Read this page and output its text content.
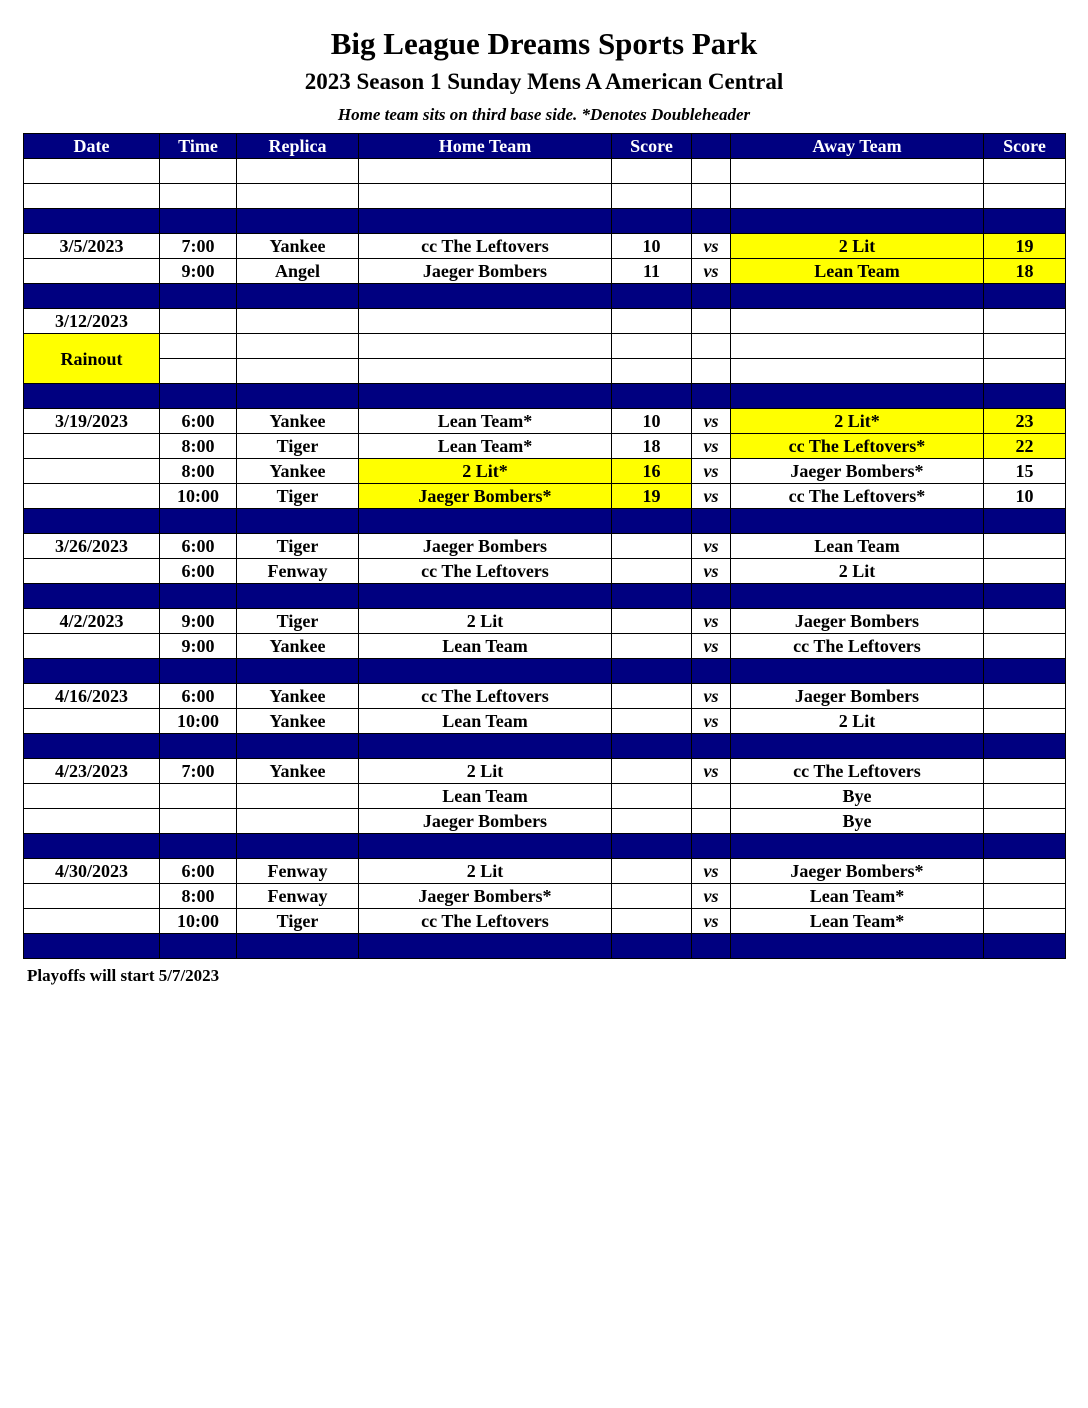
Big League Dreams Sports Park
2023 Season 1 Sunday Mens A American Central
Home team sits on third base side. *Denotes Doubleheader
Date	Time	Replica	Home Team	Score		Away Team	Score

3/5/2023	7:00	Yankee	cc The Leftovers	10	vs	2 Lit	19
	9:00	Angel	Jaeger Bombers	11	vs	Lean Team	18

3/12/2023							
Rainout							

3/19/2023	6:00	Yankee	Lean Team*	10	vs	2 Lit*	23
	8:00	Tiger	Lean Team*	18	vs	cc The Leftovers*	22
	8:00	Yankee	2 Lit*	16	vs	Jaeger Bombers*	15
	10:00	Tiger	Jaeger Bombers*	19	vs	cc The Leftovers*	10

3/26/2023	6:00	Tiger	Jaeger Bombers		vs	Lean Team	
	6:00	Fenway	cc The Leftovers		vs	2 Lit	

4/2/2023	9:00	Tiger	2 Lit		vs	Jaeger Bombers	
	9:00	Yankee	Lean Team		vs	cc The Leftovers	

4/16/2023	6:00	Yankee	cc The Leftovers		vs	Jaeger Bombers	
	10:00	Yankee	Lean Team		vs	2 Lit	

4/23/2023	7:00	Yankee	2 Lit		vs	cc The Leftovers	
			Lean Team			Bye	
			Jaeger Bombers			Bye	

4/30/2023	6:00	Fenway	2 Lit		vs	Jaeger Bombers*	
	8:00	Fenway	Jaeger Bombers*		vs	Lean Team*	
	10:00	Tiger	cc The Leftovers		vs	Lean Team*	

Playoffs will start 5/7/2023
